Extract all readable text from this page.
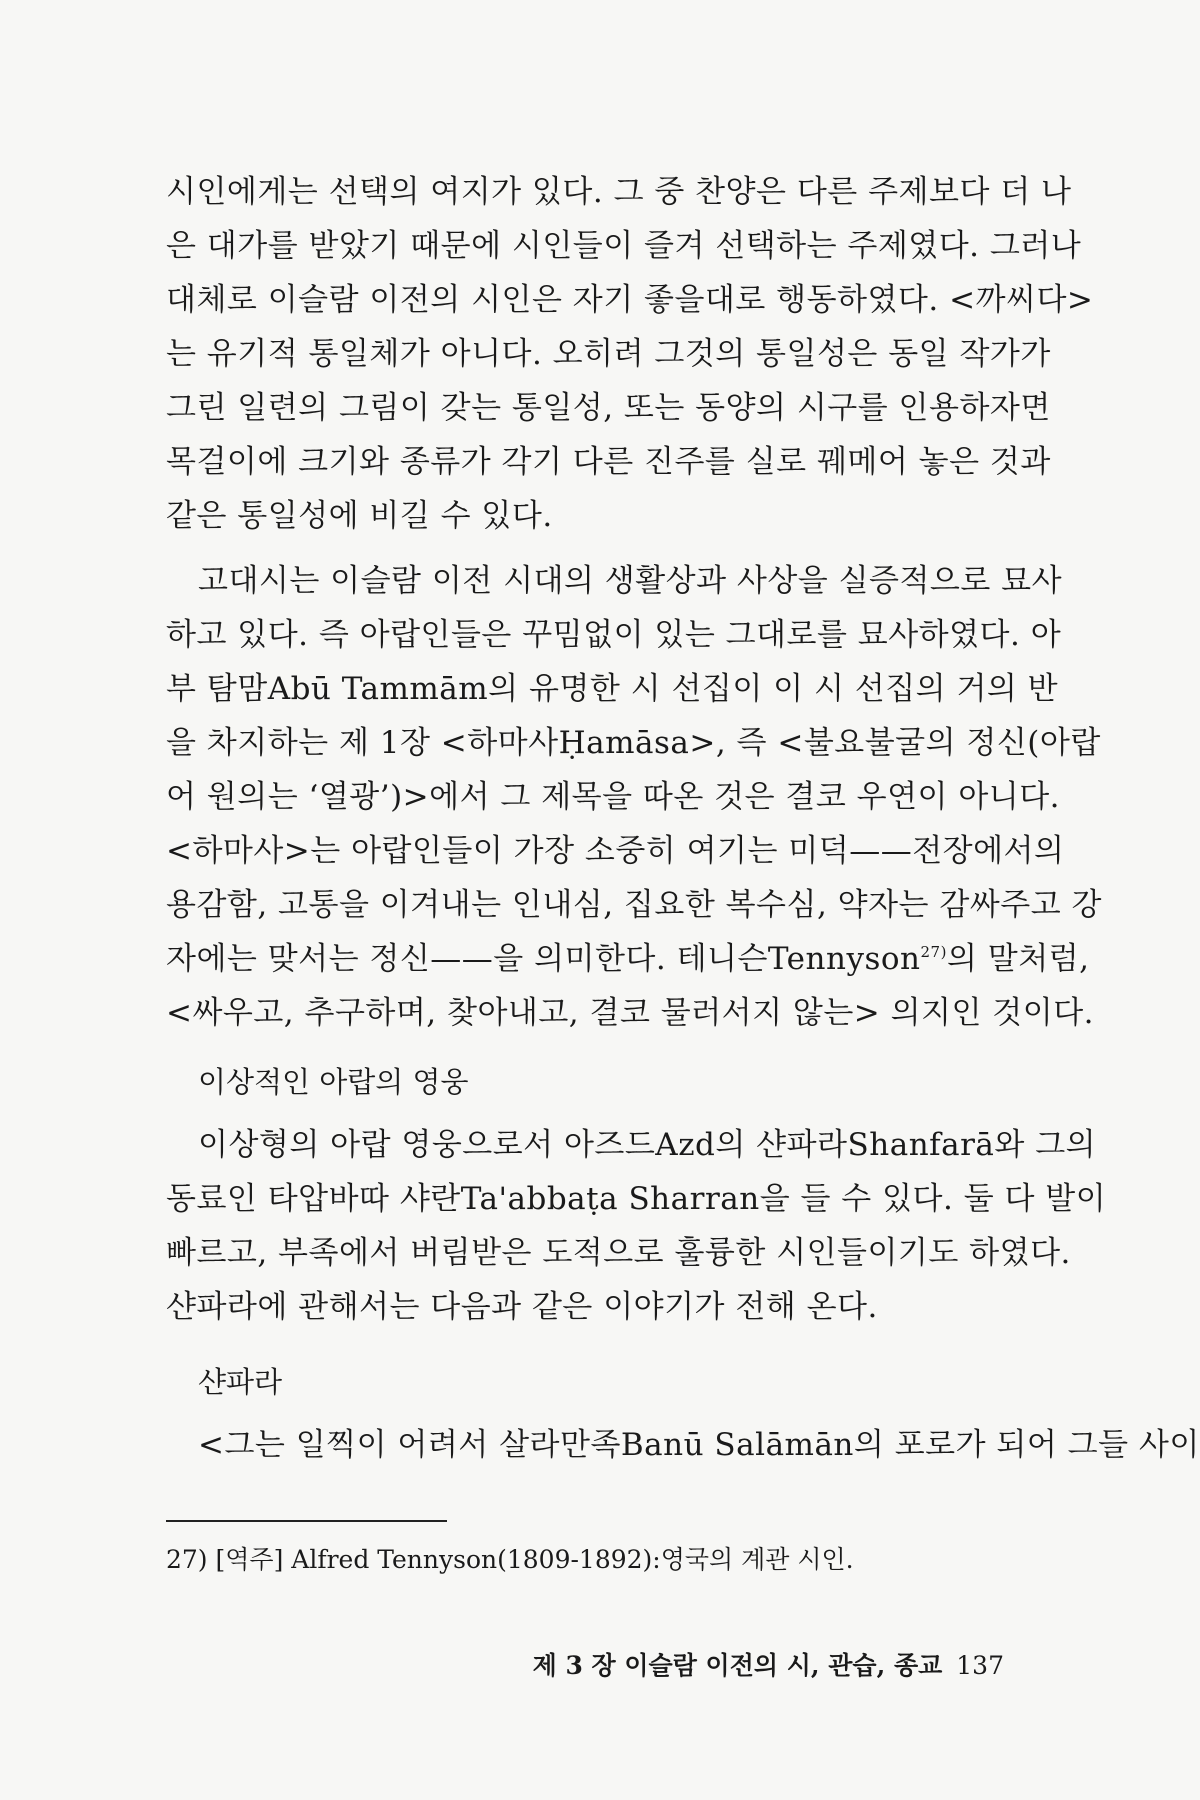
시인에게는 선택의 여지가 있다. 그 중 찬양은 다른 주제보다 더 나
은 대가를 받았기 때문에 시인들이 즐겨 선택하는 주제였다. 그러나
대체로 이슬람 이전의 시인은 자기 좋을대로 행동하였다. <까씨다>
는 유기적 통일체가 아니다. 오히려 그것의 통일성은 동일 작가가
그린 일련의 그림이 갖는 통일성, 또는 동양의 시구를 인용하자면
목걸이에 크기와 종류가 각기 다른 진주를 실로 꿰메어 놓은 것과
같은 통일성에 비길 수 있다.
고대시는 이슬람 이전 시대의 생활상과 사상을 실증적으로 묘사
하고 있다. 즉 아랍인들은 꾸밈없이 있는 그대로를 묘사하였다. 아
부 탐맘Abū Tammām의 유명한 시 선집이 이 시 선집의 거의 반
을 차지하는 제 1장 <하마사Ḥamāsa>, 즉 <불요불굴의 정신(아랍
어 원의는 ‘열광’)>에서 그 제목을 따온 것은 결코 우연이 아니다.
<하마사>는 아랍인들이 가장 소중히 여기는 미덕——전장에서의
용감함, 고통을 이겨내는 인내심, 집요한 복수심, 약자는 감싸주고 강
자에는 맞서는 정신——을 의미한다. 테니슨Tennyson$^{27)}$의 말처럼,
<싸우고, 추구하며, 찾아내고, 결코 물러서지 않는> 의지인 것이다.
이상적인 아랍의 영웅
이상형의 아랍 영웅으로서 아즈드Azd의 샨파라Shanfarā와 그의
동료인 타압바따 샤란Ta'abbaṭa Sharran을 들 수 있다. 둘 다 발이
빠르고, 부족에서 버림받은 도적으로 훌륭한 시인들이기도 하였다.
샨파라에 관해서는 다음과 같은 이야기가 전해 온다.
샨파라
<그는 일찍이 어려서 살라만족Banū Salāmān의 포로가 되어 그들 사이
27) [역주] Alfred Tennyson(1809-1892):영국의 계관 시인.
제 3 장 이슬람 이전의 시, 관습, 종교 137
